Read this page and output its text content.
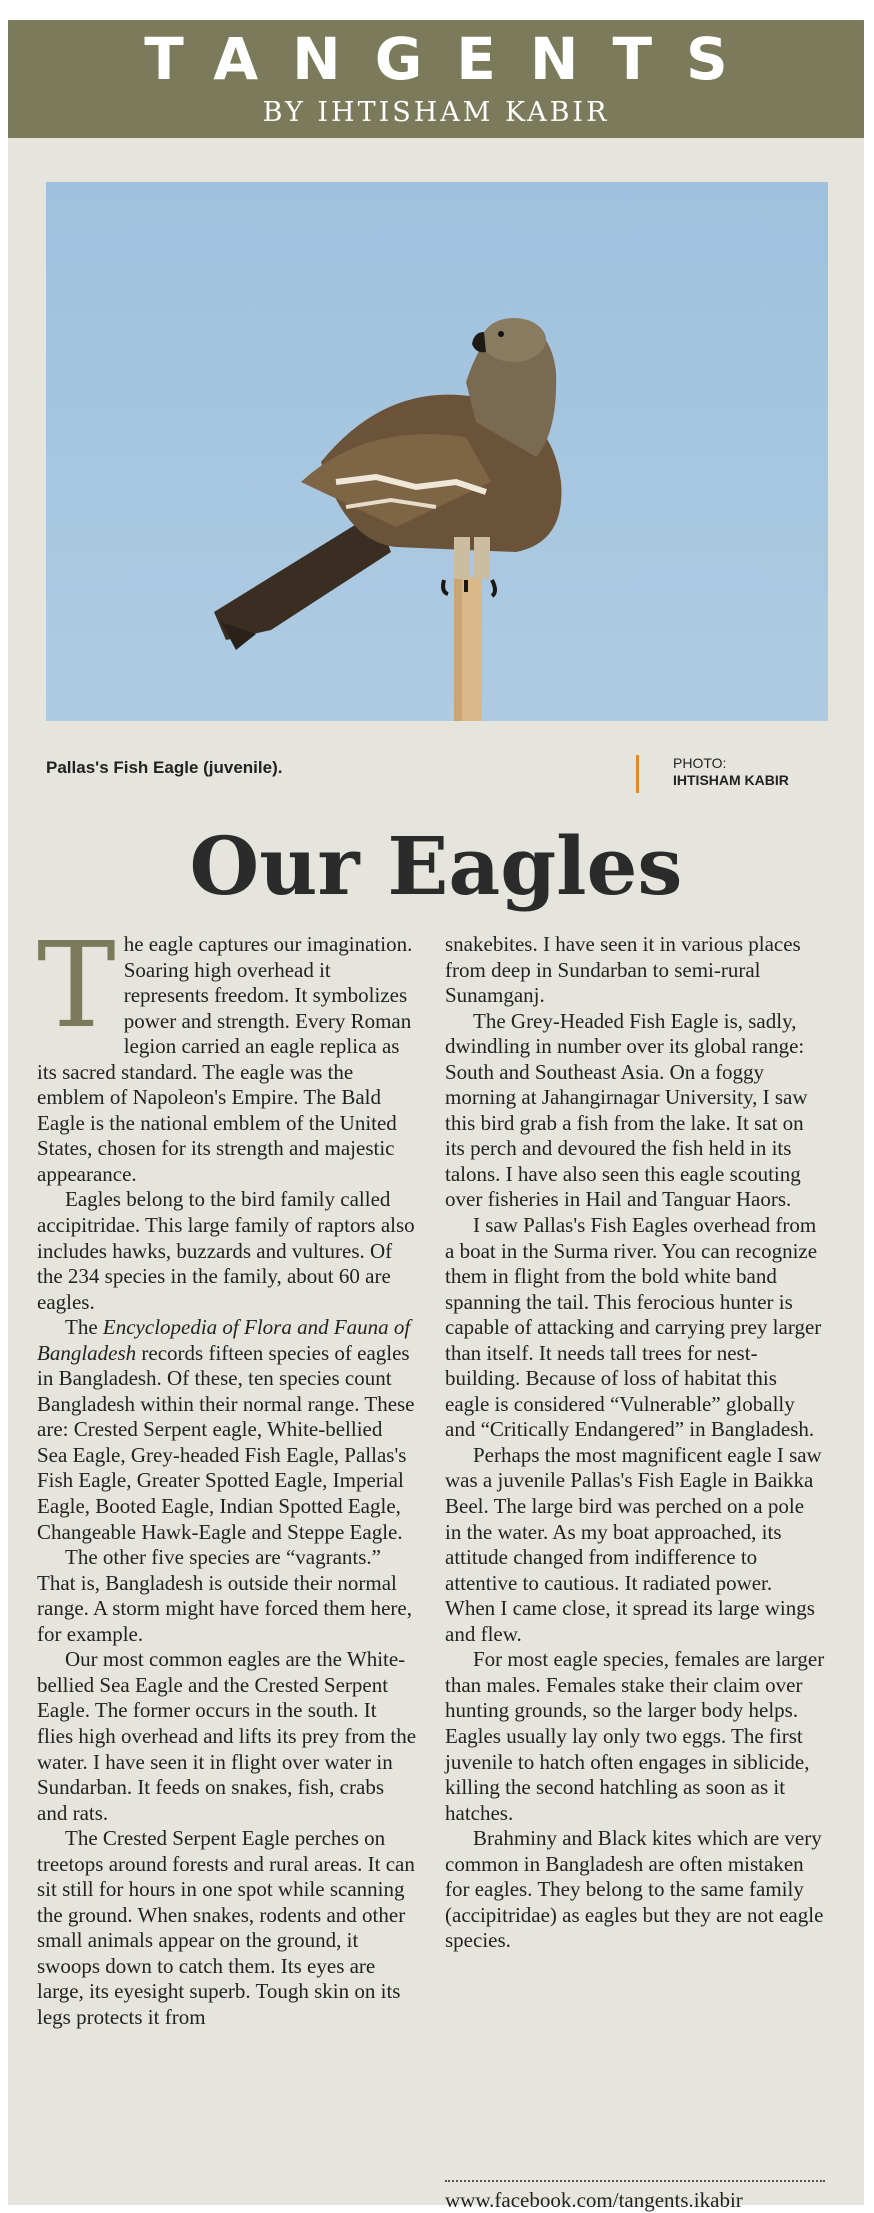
TANGENTS
BY IHTISHAM KABIR
Pallas's Fish Eagle (juvenile).	PHOTO:
IHTISHAM KABIR
Our Eagles

The eagle captures our imagination. Soaring high overhead it represents freedom. It symbolizes power and strength. Every Roman legion carried an eagle replica as its sacred standard. The eagle was the emblem of Napoleon's Empire. The Bald Eagle is the national emblem of the United States, chosen for its strength and majestic appearance.

Eagles belong to the bird family called accipitridae. This large family of raptors also includes hawks, buzzards and vultures. Of the 234 species in the family, about 60 are eagles.

The Encyclopedia of Flora and Fauna of Bangladesh records fifteen species of eagles in Bangladesh. Of these, ten species count Bangladesh within their normal range. These are: Crested Serpent eagle, White-bellied Sea Eagle, Grey-headed Fish Eagle, Pallas's Fish Eagle, Greater Spotted Eagle, Imperial Eagle, Booted Eagle, Indian Spotted Eagle, Changeable Hawk-Eagle and Steppe Eagle.

The other five species are “vagrants.” That is, Bangladesh is outside their normal range. A storm might have forced them here, for example.

Our most common eagles are the White-bellied Sea Eagle and the Crested Serpent Eagle. The former occurs in the south. It flies high overhead and lifts its prey from the water. I have seen it in flight over water in Sundarban. It feeds on snakes, fish, crabs and rats.

The Crested Serpent Eagle perches on treetops around forests and rural areas. It can sit still for hours in one spot while scanning the ground. When snakes, rodents and other small animals appear on the ground, it swoops down to catch them. Its eyes are large, its eyesight superb. Tough skin on its legs protects it from

snakebites. I have seen it in various places from deep in Sundarban to semi-rural Sunamganj.

The Grey-Headed Fish Eagle is, sadly, dwindling in number over its global range: South and Southeast Asia. On a foggy morning at Jahangirnagar University, I saw this bird grab a fish from the lake. It sat on its perch and devoured the fish held in its talons. I have also seen this eagle scouting over fisheries in Hail and Tanguar Haors.

I saw Pallas's Fish Eagles overhead from a boat in the Surma river. You can recognize them in flight from the bold white band spanning the tail. This ferocious hunter is capable of attacking and carrying prey larger than itself. It needs tall trees for nest-building. Because of loss of habitat this eagle is considered “Vulnerable” globally and “Critically Endangered” in Bangladesh.

Perhaps the most magnificent eagle I saw was a juvenile Pallas's Fish Eagle in Baikka Beel. The large bird was perched on a pole in the water. As my boat approached, its attitude changed from indifference to attentive to cautious. It radiated power. When I came close, it spread its large wings and flew.

For most eagle species, females are larger than males. Females stake their claim over hunting grounds, so the larger body helps. Eagles usually lay only two eggs. The first juvenile to hatch often engages in siblicide, killing the second hatchling as soon as it hatches.

Brahminy and Black kites which are very common in Bangladesh are often mistaken for eagles. They belong to the same family (accipitridae) as eagles but they are not eagle species.

www.facebook.com/tangents.ikabir
